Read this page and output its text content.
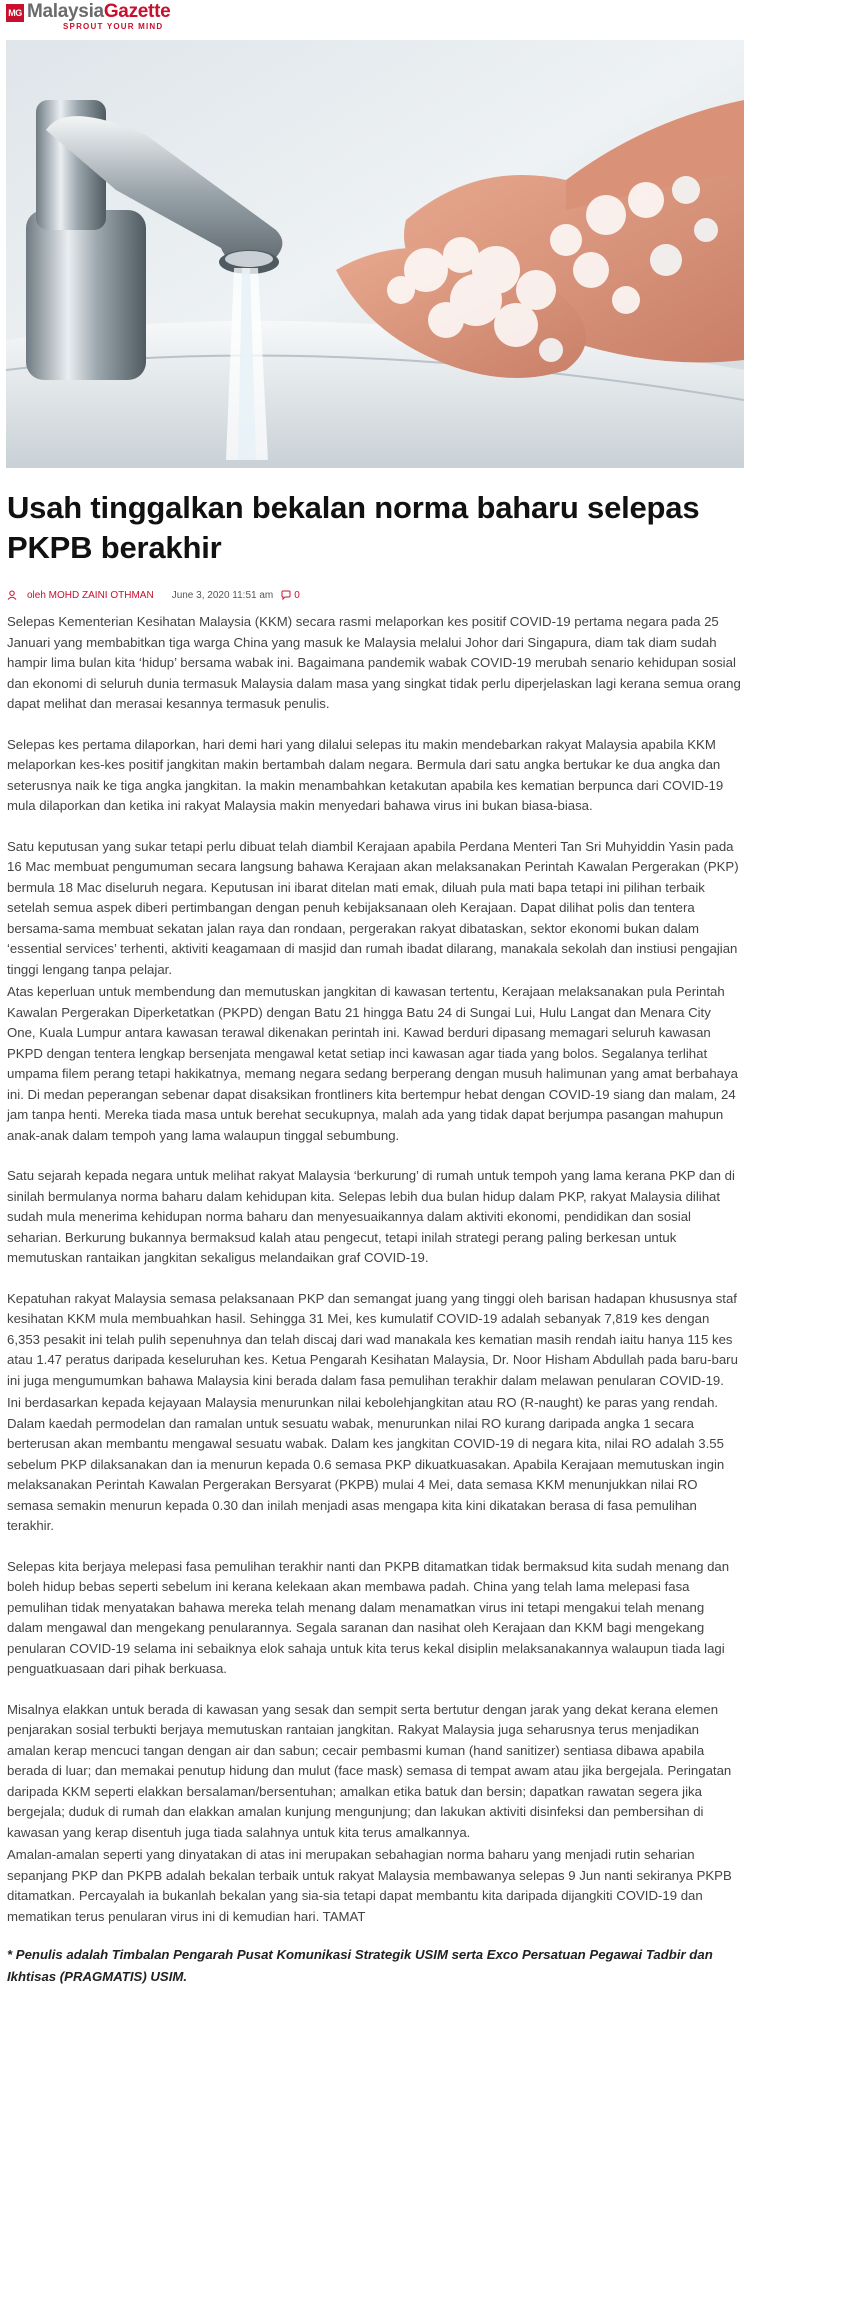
MG MalaysiaGazette
SPROUT YOUR MIND
Usah tinggalkan bekalan norma baharu selepas PKPB berakhir
oleh MOHD ZAINI OTHMAN June 3, 2020 11:51 am 0

Selepas Kementerian Kesihatan Malaysia (KKM) secara rasmi melaporkan kes positif COVID-19 pertama negara pada 25 Januari yang membabitkan tiga warga China yang masuk ke Malaysia melalui Johor dari Singapura, diam tak diam sudah hampir lima bulan kita ‘hidup’ bersama wabak ini. Bagaimana pandemik wabak COVID-19 merubah senario kehidupan sosial dan ekonomi di seluruh dunia termasuk Malaysia dalam masa yang singkat tidak perlu diperjelaskan lagi kerana semua orang dapat melihat dan merasai kesannya termasuk penulis.

Selepas kes pertama dilaporkan, hari demi hari yang dilalui selepas itu makin mendebarkan rakyat Malaysia apabila KKM melaporkan kes-kes positif jangkitan makin bertambah dalam negara. Bermula dari satu angka bertukar ke dua angka dan seterusnya naik ke tiga angka jangkitan. Ia makin menambahkan ketakutan apabila kes kematian berpunca dari COVID-19 mula dilaporkan dan ketika ini rakyat Malaysia makin menyedari bahawa virus ini bukan biasa-biasa.

Satu keputusan yang sukar tetapi perlu dibuat telah diambil Kerajaan apabila Perdana Menteri Tan Sri Muhyiddin Yasin pada 16 Mac membuat pengumuman secara langsung bahawa Kerajaan akan melaksanakan Perintah Kawalan Pergerakan (PKP) bermula 18 Mac diseluruh negara. Keputusan ini ibarat ditelan mati emak, diluah pula mati bapa tetapi ini pilihan terbaik setelah semua aspek diberi pertimbangan dengan penuh kebijaksanaan oleh Kerajaan. Dapat dilihat polis dan tentera bersama-sama membuat sekatan jalan raya dan rondaan, pergerakan rakyat dibataskan, sektor ekonomi bukan dalam ‘essential services’ terhenti, aktiviti keagamaan di masjid dan rumah ibadat dilarang, manakala sekolah dan instiusi pengajian tinggi lengang tanpa pelajar.

Atas keperluan untuk membendung dan memutuskan jangkitan di kawasan tertentu, Kerajaan melaksanakan pula Perintah Kawalan Pergerakan Diperketatkan (PKPD) dengan Batu 21 hingga Batu 24 di Sungai Lui, Hulu Langat dan Menara City One, Kuala Lumpur antara kawasan terawal dikenakan perintah ini. Kawad berduri dipasang memagari seluruh kawasan PKPD dengan tentera lengkap bersenjata mengawal ketat setiap inci kawasan agar tiada yang bolos. Segalanya terlihat umpama filem perang tetapi hakikatnya, memang negara sedang berperang dengan musuh halimunan yang amat berbahaya ini. Di medan peperangan sebenar dapat disaksikan frontliners kita bertempur hebat dengan COVID-19 siang dan malam, 24 jam tanpa henti. Mereka tiada masa untuk berehat secukupnya, malah ada yang tidak dapat berjumpa pasangan mahupun anak-anak dalam tempoh yang lama walaupun tinggal sebumbung.

Satu sejarah kepada negara untuk melihat rakyat Malaysia ‘berkurung’ di rumah untuk tempoh yang lama kerana PKP dan di sinilah bermulanya norma baharu dalam kehidupan kita. Selepas lebih dua bulan hidup dalam PKP, rakyat Malaysia dilihat sudah mula menerima kehidupan norma baharu dan menyesuaikannya dalam aktiviti ekonomi, pendidikan dan sosial seharian. Berkurung bukannya bermaksud kalah atau pengecut, tetapi inilah strategi perang paling berkesan untuk memutuskan rantaikan jangkitan sekaligus melandaikan graf COVID-19.

Kepatuhan rakyat Malaysia semasa pelaksanaan PKP dan semangat juang yang tinggi oleh barisan hadapan khususnya staf kesihatan KKM mula membuahkan hasil. Sehingga 31 Mei, kes kumulatif COVID-19 adalah sebanyak 7,819 kes dengan 6,353 pesakit ini telah pulih sepenuhnya dan telah discaj dari wad manakala kes kematian masih rendah iaitu hanya 115 kes atau 1.47 peratus daripada keseluruhan kes. Ketua Pengarah Kesihatan Malaysia, Dr. Noor Hisham Abdullah pada baru-baru ini juga mengumumkan bahawa Malaysia kini berada dalam fasa pemulihan terakhir dalam melawan penularan COVID-19.

Ini berdasarkan kepada kejayaan Malaysia menurunkan nilai kebolehjangkitan atau RO (R-naught) ke paras yang rendah. Dalam kaedah permodelan dan ramalan untuk sesuatu wabak, menurunkan nilai RO kurang daripada angka 1 secara berterusan akan membantu mengawal sesuatu wabak. Dalam kes jangkitan COVID-19 di negara kita, nilai RO adalah 3.55 sebelum PKP dilaksanakan dan ia menurun kepada 0.6 semasa PKP dikuatkuasakan. Apabila Kerajaan memutuskan ingin melaksanakan Perintah Kawalan Pergerakan Bersyarat (PKPB) mulai 4 Mei, data semasa KKM menunjukkan nilai RO semasa semakin menurun kepada 0.30 dan inilah menjadi asas mengapa kita kini dikatakan berasa di fasa pemulihan terakhir.

Selepas kita berjaya melepasi fasa pemulihan terakhir nanti dan PKPB ditamatkan tidak bermaksud kita sudah menang dan boleh hidup bebas seperti sebelum ini kerana kelekaan akan membawa padah. China yang telah lama melepasi fasa pemulihan tidak menyatakan bahawa mereka telah menang dalam menamatkan virus ini tetapi mengakui telah menang dalam mengawal dan mengekang penularannya. Segala saranan dan nasihat oleh Kerajaan dan KKM bagi mengekang penularan COVID-19 selama ini sebaiknya elok sahaja untuk kita terus kekal disiplin melaksanakannya walaupun tiada lagi penguatkuasaan dari pihak berkuasa.

Misalnya elakkan untuk berada di kawasan yang sesak dan sempit serta bertutur dengan jarak yang dekat kerana elemen penjarakan sosial terbukti berjaya memutuskan rantaian jangkitan. Rakyat Malaysia juga seharusnya terus menjadikan amalan kerap mencuci tangan dengan air dan sabun; cecair pembasmi kuman (hand sanitizer) sentiasa dibawa apabila berada di luar; dan memakai penutup hidung dan mulut (face mask) semasa di tempat awam atau jika bergejala. Peringatan daripada KKM seperti elakkan bersalaman/bersentuhan; amalkan etika batuk dan bersin; dapatkan rawatan segera jika bergejala; duduk di rumah dan elakkan amalan kunjung mengunjung; dan lakukan aktiviti disinfeksi dan pembersihan di kawasan yang kerap disentuh juga tiada salahnya untuk kita terus amalkannya.

Amalan-amalan seperti yang dinyatakan di atas ini merupakan sebahagian norma baharu yang menjadi rutin seharian sepanjang PKP dan PKPB adalah bekalan terbaik untuk rakyat Malaysia membawanya selepas 9 Jun nanti sekiranya PKPB ditamatkan. Percayalah ia bukanlah bekalan yang sia-sia tetapi dapat membantu kita daripada dijangkiti COVID-19 dan mematikan terus penularan virus ini di kemudian hari. TAMAT

* Penulis adalah Timbalan Pengarah Pusat Komunikasi Strategik USIM serta Exco Persatuan Pegawai Tadbir dan Ikhtisas (PRAGMATIS) USIM.
